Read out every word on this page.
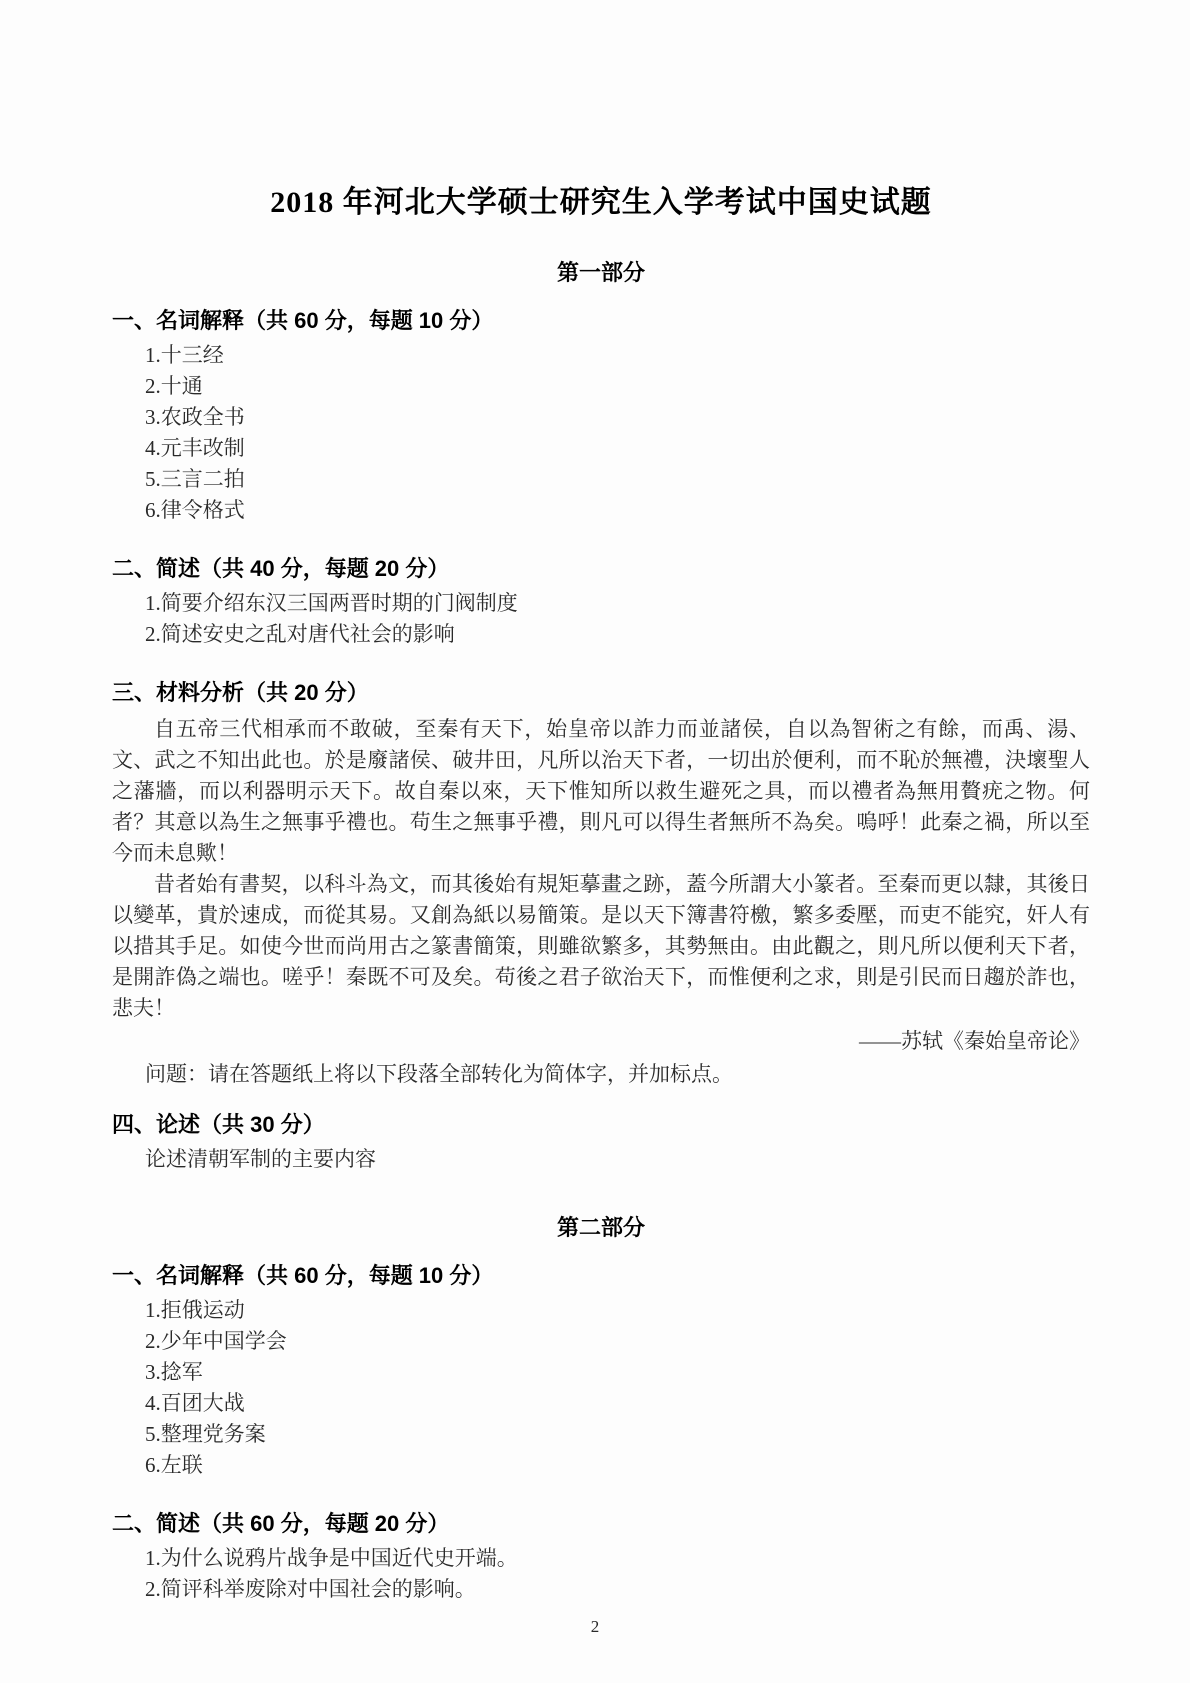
2018 年河北大学硕士研究生入学考试中国史试题
第一部分
一、名词解释（共 60 分，每题 10 分）
1.十三经
2.十通
3.农政全书
4.元丰改制
5.三言二拍
6.律令格式
二、简述（共 40 分，每题 20 分）
1.简要介绍东汉三国两晋时期的门阀制度
2.简述安史之乱对唐代社会的影响
三、材料分析（共 20 分）

自五帝三代相承而不敢破，至秦有天下，始皇帝以詐力而並諸侯，自以為智術之有餘，而禹、湯、文、武之不知出此也。於是廢諸侯、破井田，凡所以治天下者，一切出於便利，而不恥於無禮，決壞聖人之藩牆，而以利器明示天下。故自秦以來，天下惟知所以救生避死之具，而以禮者為無用贅疣之物。何者？其意以為生之無事乎禮也。苟生之無事乎禮，則凡可以得生者無所不為矣。嗚呼！此秦之禍，所以至今而未息歟！

昔者始有書契，以科斗為文，而其後始有規矩摹畫之跡，蓋今所謂大小篆者。至秦而更以隸，其後日以變革，貴於速成，而從其易。又創為紙以易簡策。是以天下簿書符檄，繁多委壓，而吏不能究，奸人有以措其手足。如使今世而尚用古之篆書簡策，則雖欲繁多，其勢無由。由此觀之，則凡所以便利天下者，是開詐偽之端也。嗟乎！秦既不可及矣。苟後之君子欲治天下，而惟便利之求，則是引民而日趨於詐也，悲夫！

——苏轼《秦始皇帝论》
问题：请在答题纸上将以下段落全部转化为简体字，并加标点。
四、论述（共 30 分）
论述清朝军制的主要内容
第二部分
一、名词解释（共 60 分，每题 10 分）
1.拒俄运动
2.少年中国学会
3.捻军
4.百团大战
5.整理党务案
6.左联
二、简述（共 60 分，每题 20 分）
1.为什么说鸦片战争是中国近代史开端。
2.简评科举废除对中国社会的影响。
2
